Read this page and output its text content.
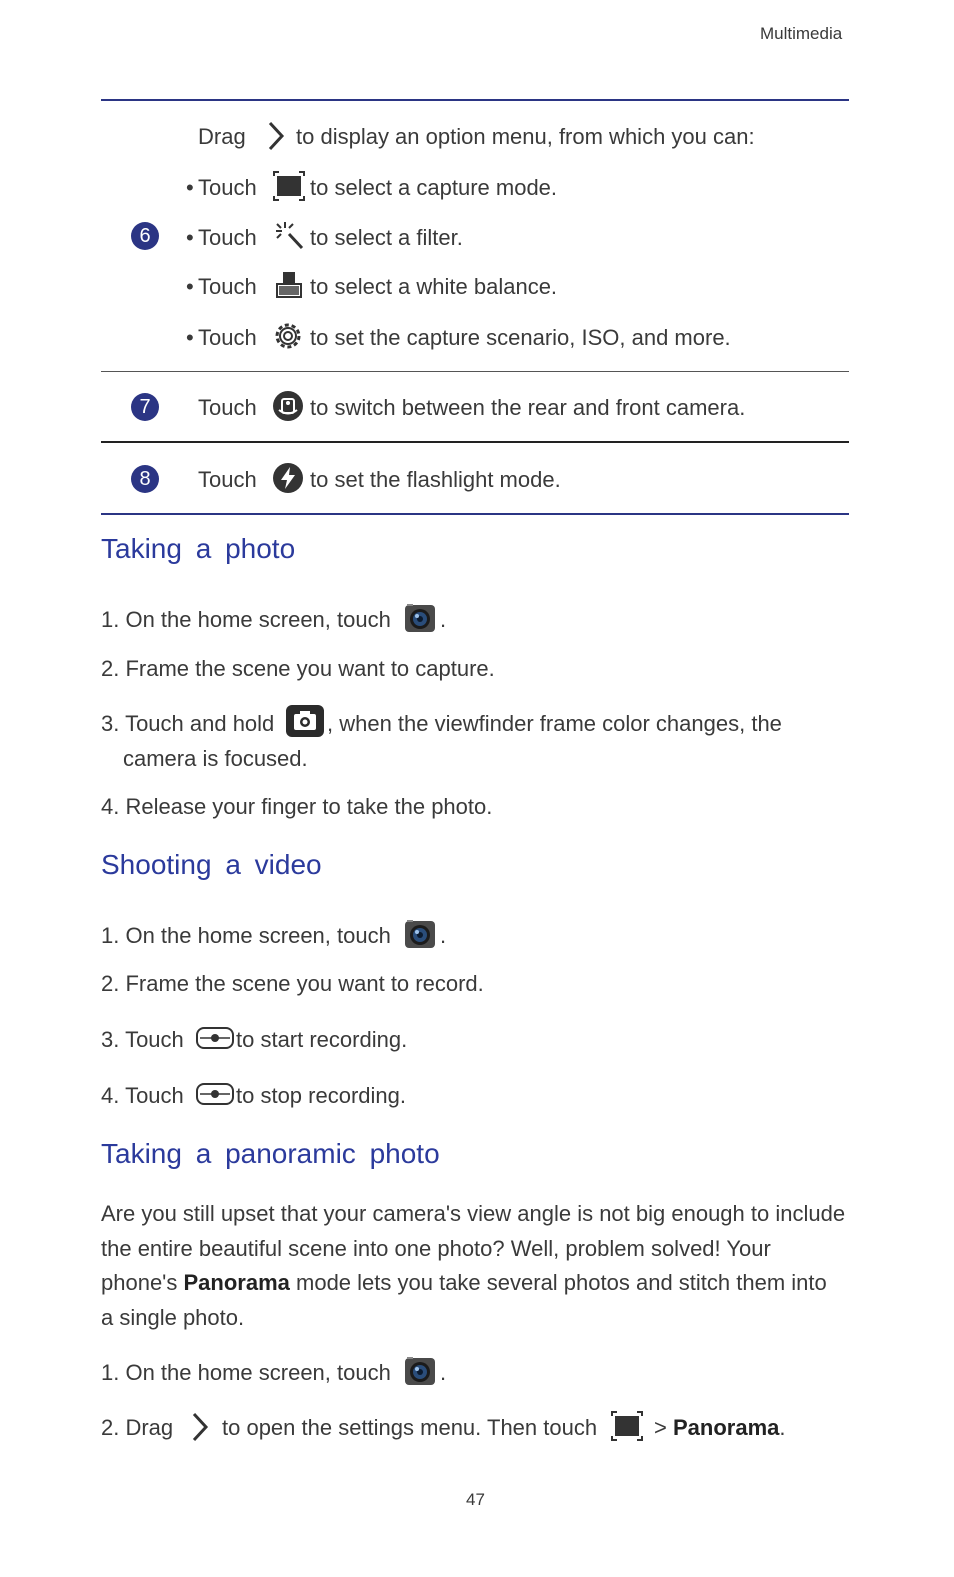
Multimedia
6
Drag to display an option menu, from which you can:
• Touch to select a capture mode.
• Touch to select a filter.
• Touch to select a white balance.
• Touch to set the capture scenario, ISO, and more.
7	Touch to switch between the rear and front camera.
8	Touch to set the flashlight mode.
Taking a photo
1. On the home screen, touch .
2. Frame the scene you want to capture.
3. Touch and hold , when the viewfinder frame color changes, the
camera is focused.
4. Release your finger to take the photo.
Shooting a video
1. On the home screen, touch .
2. Frame the scene you want to record.
3. Touch to start recording.
4. Touch to stop recording.
Taking a panoramic photo
Are you still upset that your camera's view angle is not big enough to include
the entire beautiful scene into one photo? Well, problem solved! Your
phone's Panorama mode lets you take several photos and stitch them into
a single photo.
1. On the home screen, touch .
2. Drag to open the settings menu. Then touch	> Panorama.
47
